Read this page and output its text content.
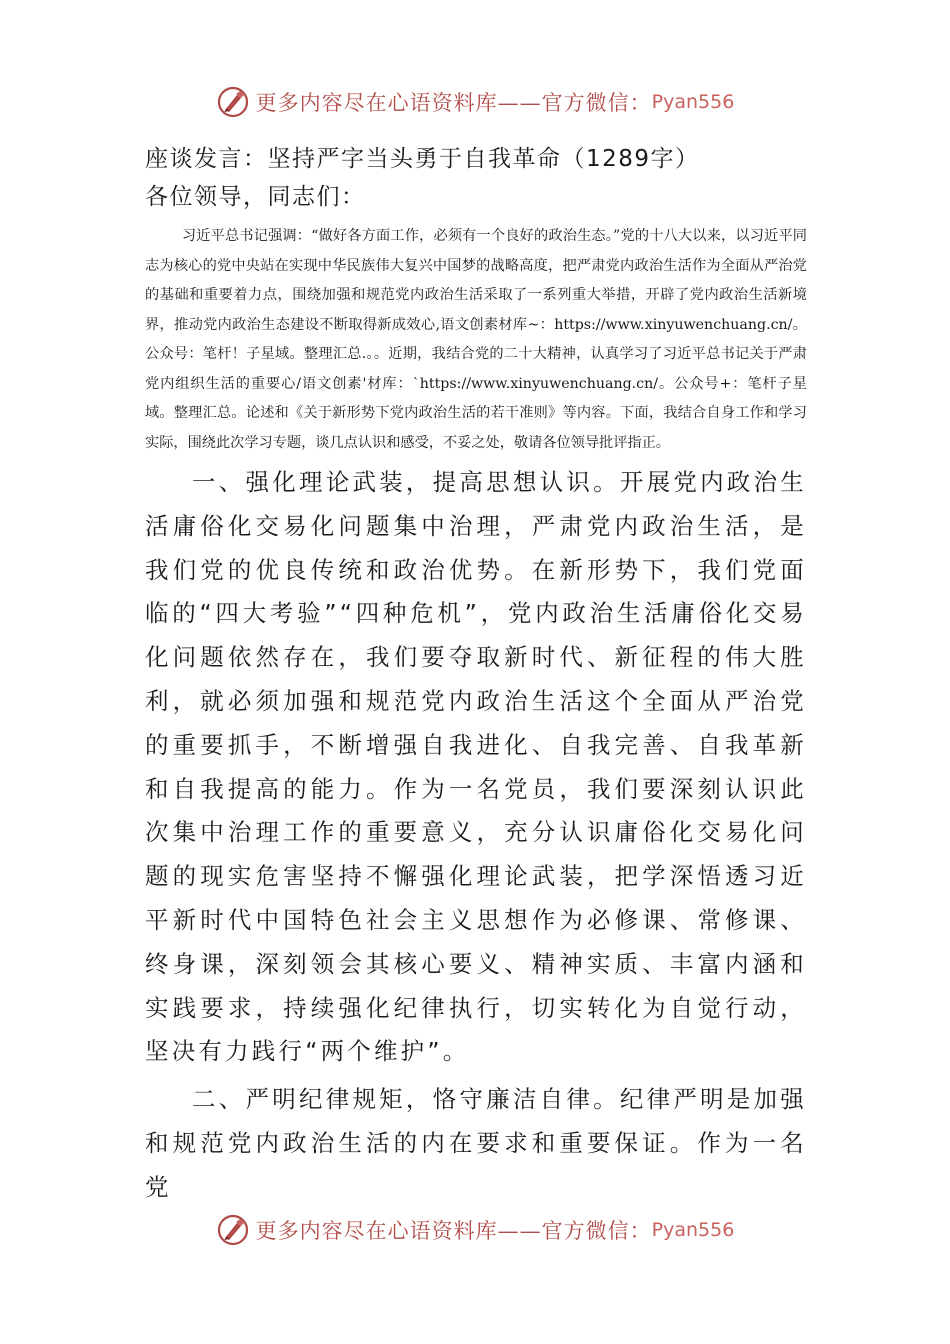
更多内容尽在心语资料库——官方微信： Pyan556

座谈发言：坚持严字当头勇于自我革命（1289字）

各位领导，同志们：

习近平总书记强调：“做好各方面工作，必须有一个良好的政治生态。”党的十八大以来，以习近平同志为核心的党中央站在实现中华民族伟大复兴中国梦的战略高度，把严肃党内政治生活作为全面从严治党的基础和重要着力点，围绕加强和规范党内政治生活采取了一系列重大举措，开辟了党内政治生活新境界，推动党内政治生态建设不断取得新成效心,语文创素材库~：https://www.xinyuwenchuang.cn/。公众号：笔杆！子星域。整理汇总.。。近期，我结合党的二十大精神，认真学习了习近平总书记关于严肃党内组织生活的重要心/语文创素'材库：`https://www.xinyuwenchuang.cn/。公众号+：笔杆子星域。整理汇总。论述和《关于新形势下党内政治生活的若干准则》等内容。下面，我结合自身工作和学习实际，围绕此次学习专题，谈几点认识和感受，不妥之处，敬请各位领导批评指正。

一、强化理论武装，提高思想认识。开展党内政治生活庸俗化交易化问题集中治理，严肃党内政治生活，是我们党的优良传统和政治优势。在新形势下，我们党面临的“四大考验”“四种危机”，党内政治生活庸俗化交易化问题依然存在，我们要夺取新时代、新征程的伟大胜利，就必须加强和规范党内政治生活这个全面从严治党的重要抓手，不断增强自我进化、自我完善、自我革新和自我提高的能力。作为一名党员，我们要深刻认识此次集中治理工作的重要意义，充分认识庸俗化交易化问题的现实危害坚持不懈强化理论武装，把学深悟透习近平新时代中国特色社会主义思想作为必修课、常修课、终身课，深刻领会其核心要义、精神实质、丰富内涵和实践要求，持续强化纪律执行，切实转化为自觉行动，坚决有力践行“两个维护”。

二、严明纪律规矩，恪守廉洁自律。纪律严明是加强和规范党内政治生活的内在要求和重要保证。作为一名党

更多内容尽在心语资料库——官方微信： Pyan556
